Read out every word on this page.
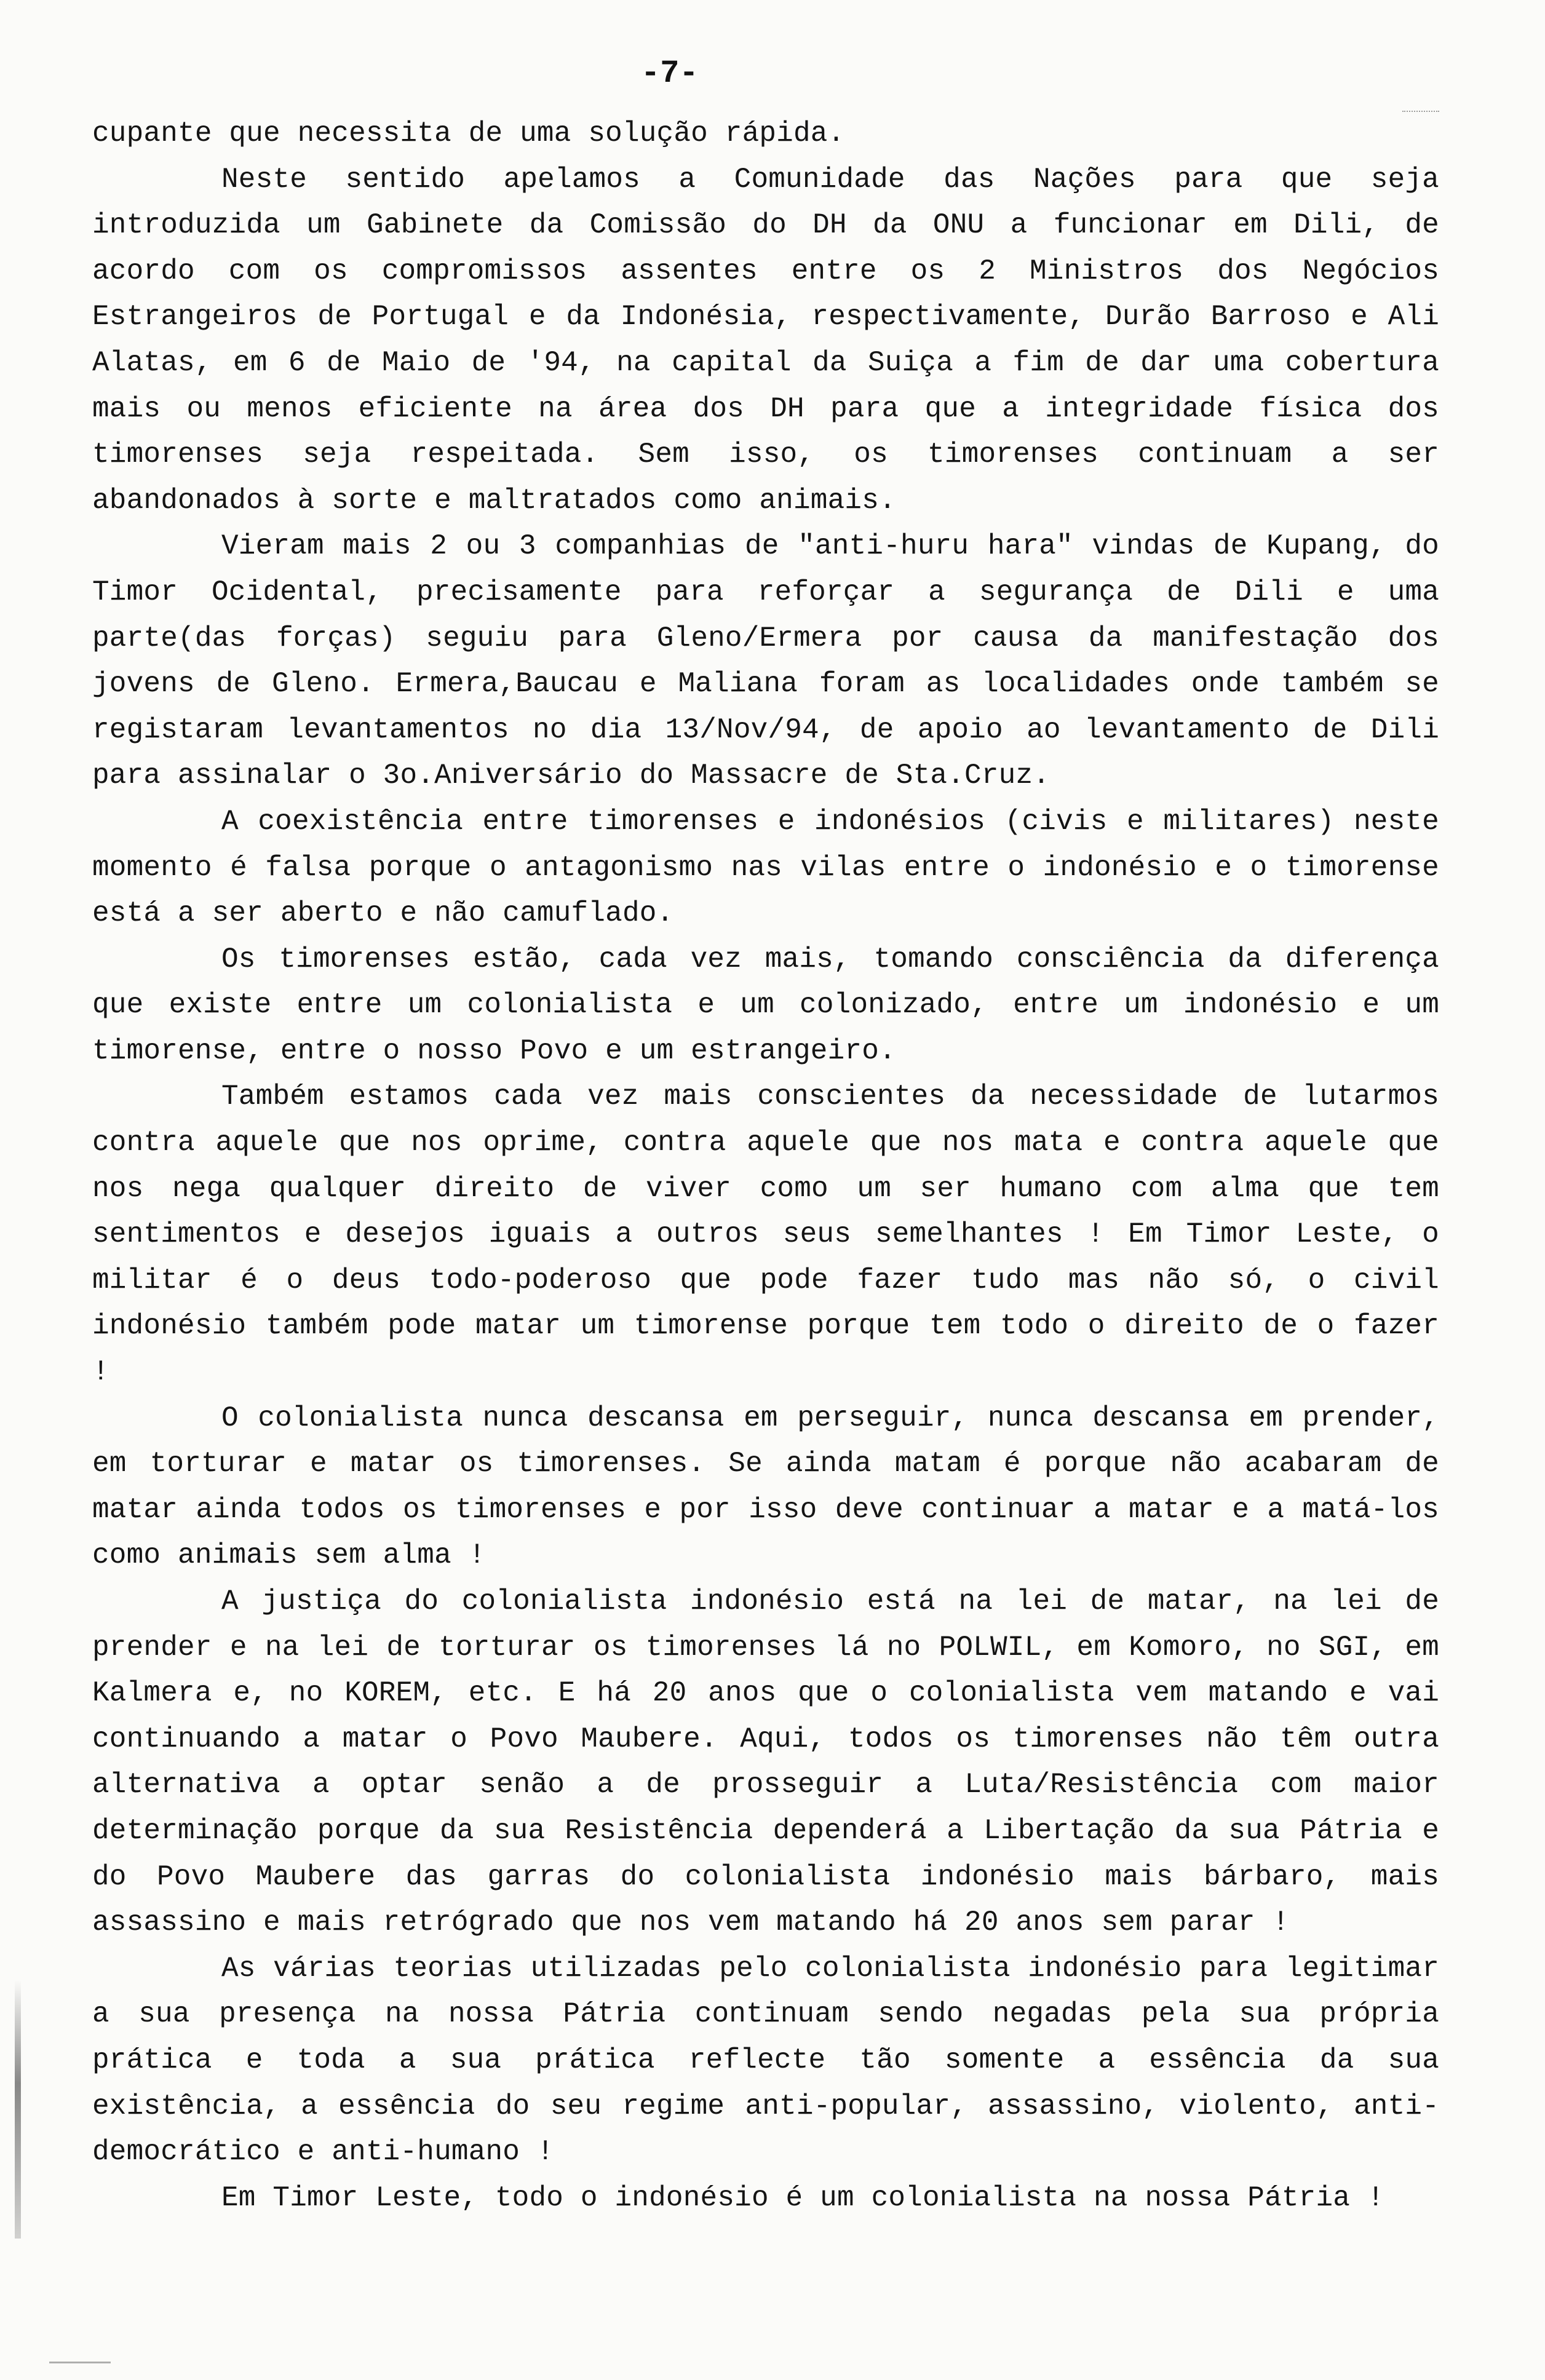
-7-

cupante que necessita de uma solução rápida.

Neste sentido apelamos a Comunidade das Nações para que seja introduzida um Gabinete da Comissão do DH da ONU a funcionar em Dili, de acordo com os compromissos assentes entre os 2 Ministros dos Negócios Estrangeiros de Portugal e da Indonésia, respectivamente, Durão Barroso e Ali Alatas, em 6 de Maio de '94, na capital da Suiça a fim de dar uma cobertura mais ou menos eficiente na área dos DH para que a integridade física dos timorenses seja respeitada. Sem isso, os timorenses continuam a ser abandonados à sorte e maltratados como animais.

Vieram mais 2 ou 3 companhias de "anti-huru hara" vindas de Kupang, do Timor Ocidental, precisamente para reforçar a segurança de Dili e uma parte(das forças) seguiu para Gleno/Ermera por causa da manifestação dos jovens de Gleno. Ermera,Baucau e Maliana foram as localidades onde também se registaram levantamentos no dia 13/Nov/94, de apoio ao levantamento de Dili para assinalar o 3o.Aniversário do Massacre de Sta.Cruz.

A coexistência entre timorenses e indonésios (civis e militares) neste momento é falsa porque o antagonismo nas vilas entre o indonésio e o timorense está a ser aberto e não camuflado.

Os timorenses estão, cada vez mais, tomando consciência da diferença que existe entre um colonialista e um colonizado, entre um indonésio e um timorense, entre o nosso Povo e um estrangeiro.

Também estamos cada vez mais conscientes da necessidade de lutarmos contra aquele que nos oprime, contra aquele que nos mata e contra aquele que nos nega qualquer direito de viver como um ser humano com alma que tem sentimentos e desejos iguais a outros seus semelhantes ! Em Timor Leste, o militar é o deus todo-poderoso que pode fazer tudo mas não só, o civil indonésio também pode matar um timorense porque tem todo o direito de o fazer !

O colonialista nunca descansa em perseguir, nunca descansa em prender, em torturar e matar os timorenses. Se ainda matam é porque não acabaram de matar ainda todos os timorenses e por isso deve continuar a matar e a matá-los como animais sem alma !

A justiça do colonialista indonésio está na lei de matar, na lei de prender e na lei de torturar os timorenses lá no POLWIL, em Komoro, no SGI, em Kalmera e, no KOREM, etc. E há 20 anos que o colonialista vem matando e vai continuando a matar o Povo Maubere. Aqui, todos os timorenses não têm outra alternativa a optar senão a de prosseguir a Luta/Resistência com maior determinação porque da sua Resistência dependerá a Libertação da sua Pátria e do Povo Maubere das garras do colonialista indonésio mais bárbaro, mais assassino e mais retrógrado que nos vem matando há 20 anos sem parar !

As várias teorias utilizadas pelo colonialista indonésio para legitimar a sua presença na nossa Pátria continuam sendo negadas pela sua própria prática e toda a sua prática reflecte tão somente a essência da sua existência, a essência do seu regime anti-popular, assassino, violento, anti-democrático e anti-humano !

Em Timor Leste, todo o indonésio é um colonialista na nossa Pátria !
